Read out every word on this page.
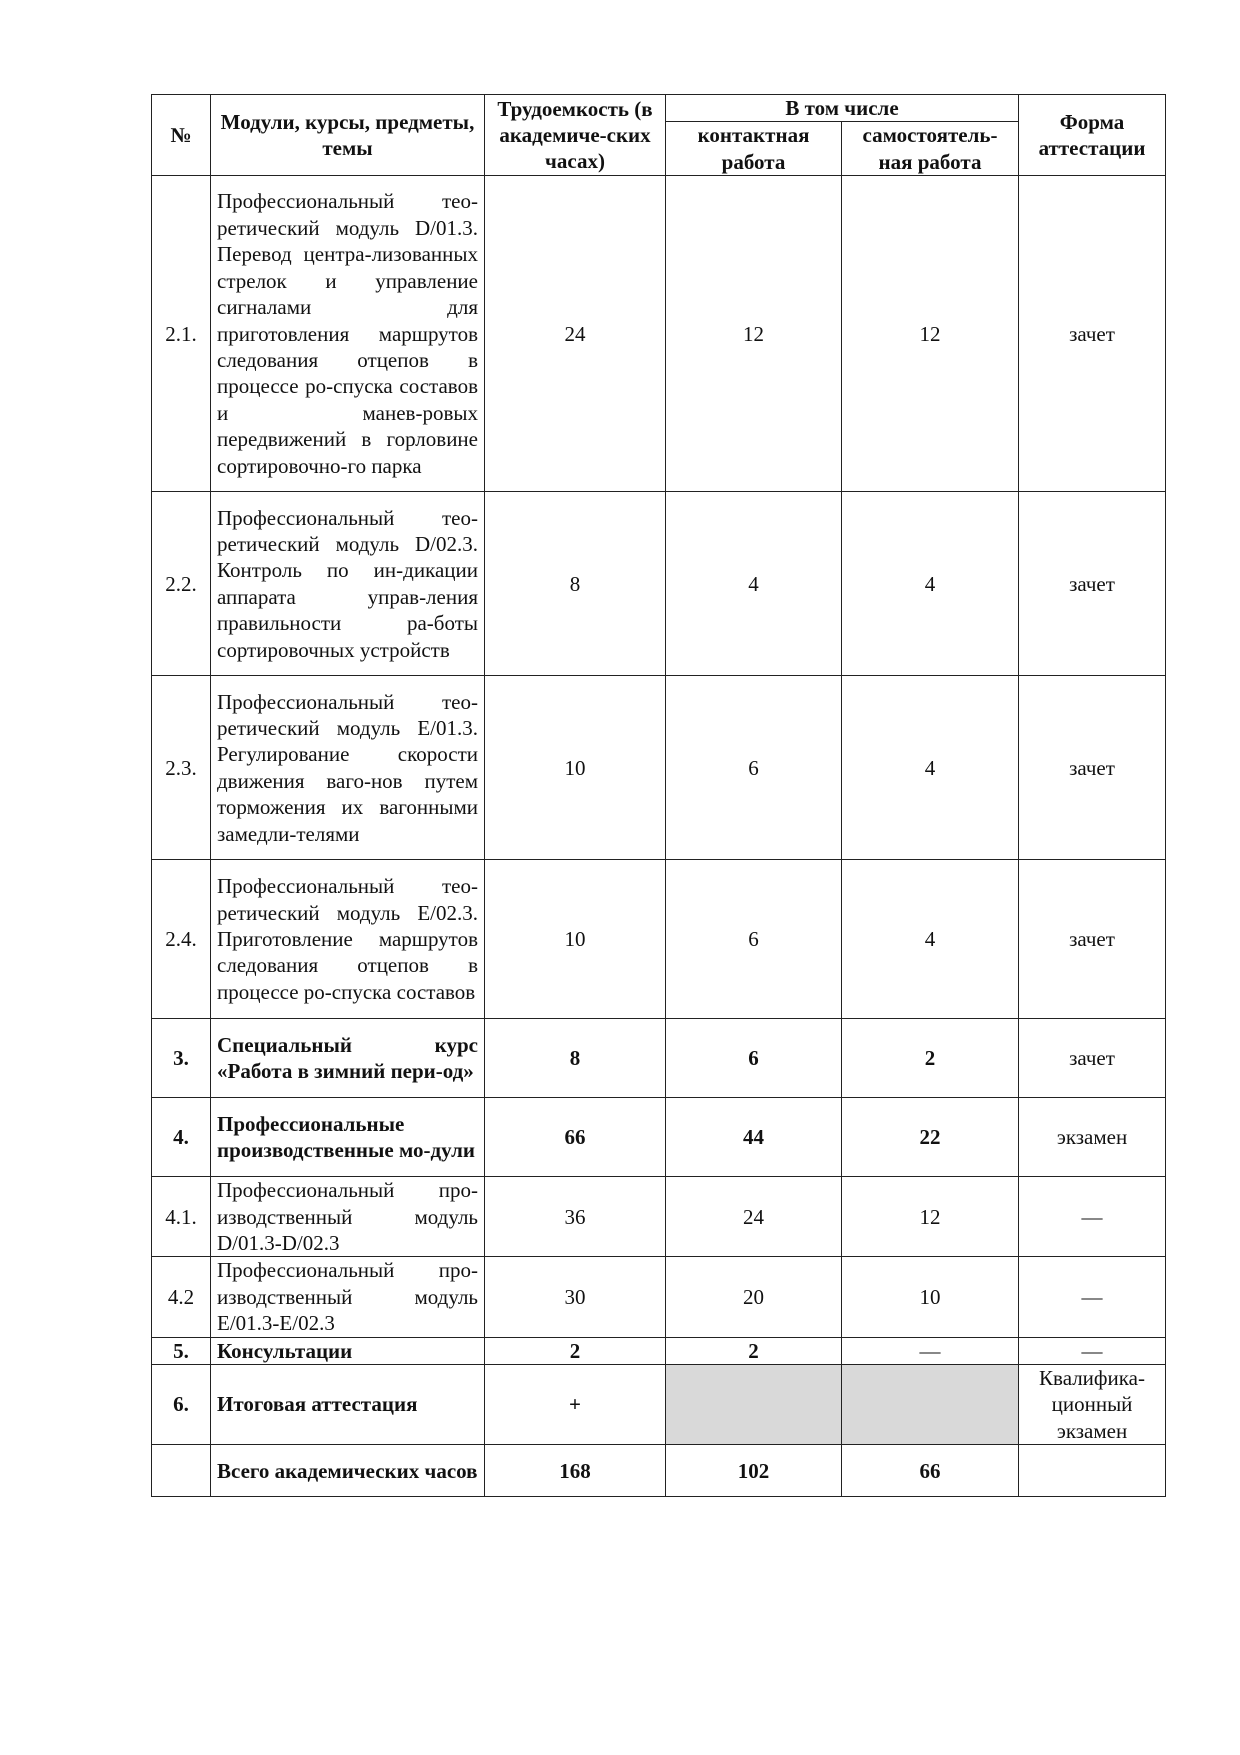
№	Модули, курсы, предметы, темы	Трудоемкость (в академиче-ских часах)	В том числе		Форма аттестации
			контактная работа	самостоятель-ная работа	
2.1.	Профессиональный тео-ретический модуль D/01.3. Перевод центра-лизованных стрелок и управление сигналами для приготовления маршрутов следования отцепов в процессе ро-спуска составов и манев-ровых передвижений в горловине сортировочно-го парка	24	12	12	зачет
2.2.	Профессиональный тео-ретический модуль D/02.3. Контроль по ин-дикации аппарата управ-ления правильности ра-боты сортировочных устройств	8	4	4	зачет
2.3.	Профессиональный тео-ретический модуль E/01.3. Регулирование скорости движения ваго-нов путем торможения их вагонными замедли-телями	10	6	4	зачет
2.4.	Профессиональный тео-ретический модуль E/02.3. Приготовление маршрутов следования отцепов в процессе ро-спуска составов	10	6	4	зачет
3.	Специальный курс «Работа в зимний пери-од»	8	6	2	зачет
4.	Профессиональные производственные мо-дули	66	44	22	экзамен
4.1.	Профессиональный про-изводственный модуль D/01.3-D/02.3	36	24	12	—
4.2	Профессиональный про-изводственный модуль E/01.3-E/02.3	30	20	10	—
5.	Консультации	2	2	—	—
6.	Итоговая аттестация	+			Квалифика-ционный экзамен
	Всего академических часов	168	102	66	
